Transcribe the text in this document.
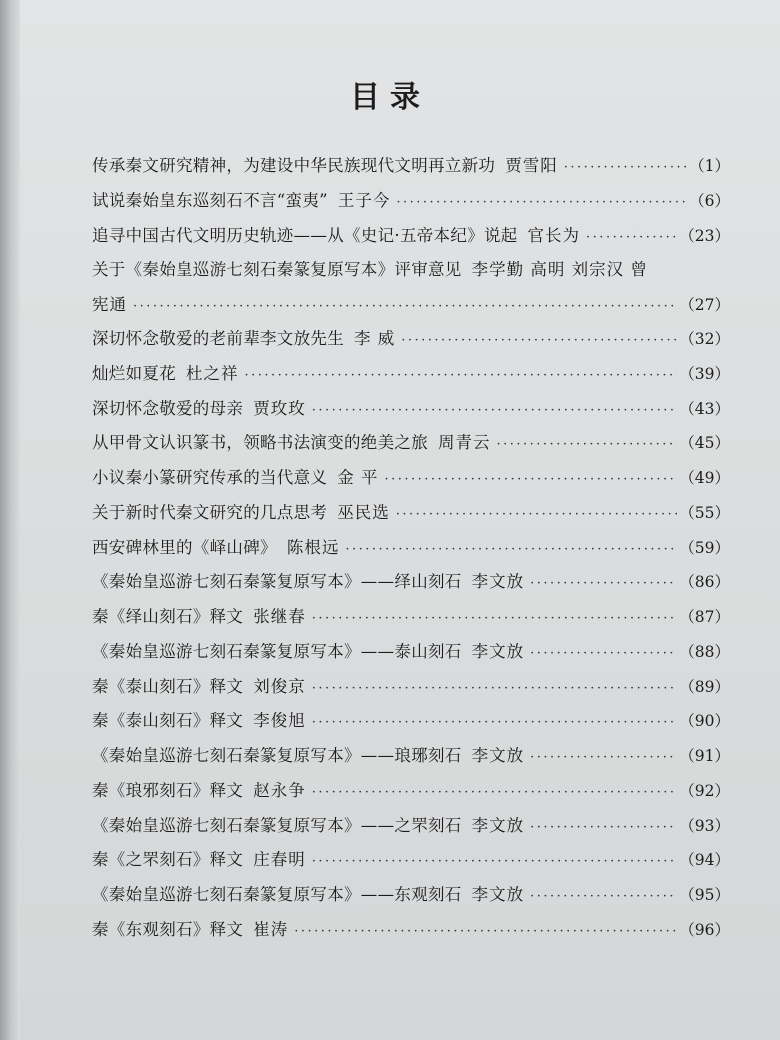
目录
传承秦文研究精神，为建设中华民族现代文明再立新功 贾雪阳 ·····	（1）
试说秦始皇东巡刻石不言“蛮夷” 王子今 ·····	（6）
追寻中国古代文明历史轨迹——从《史记·五帝本纪》说起 官长为 ·····	（23）
关于《秦始皇巡游七刻石秦篆复原写本》评审意见 李学勤 高明 刘宗汉 曾
宪通 ·····	（27）
深切怀念敬爱的老前辈李文放先生 李 威 ·····	（32）
灿烂如夏花 杜之祥 ·····	（39）
深切怀念敬爱的母亲 贾玫玫 ·····	（43）
从甲骨文认识篆书，领略书法演变的绝美之旅 周青云 ·····	（45）
小议秦小篆研究传承的当代意义 金 平 ·····	（49）
关于新时代秦文研究的几点思考 巫民选 ·····	（55）
西安碑林里的《峄山碑》 陈根远 ·····	（59）
《秦始皇巡游七刻石秦篆复原写本》——绎山刻石 李文放 ·····	（86）
秦《绎山刻石》释文 张继春 ·····	（87）
《秦始皇巡游七刻石秦篆复原写本》——泰山刻石 李文放 ·····	（88）
秦《泰山刻石》释文 刘俊京 ·····	（89）
秦《泰山刻石》释文 李俊旭 ·····	（90）
《秦始皇巡游七刻石秦篆复原写本》——琅琊刻石 李文放 ·····	（91）
秦《琅邪刻石》释文 赵永争 ·····	（92）
《秦始皇巡游七刻石秦篆复原写本》——之罘刻石 李文放 ·····	（93）
秦《之罘刻石》释文 庄春明 ·····	（94）
《秦始皇巡游七刻石秦篆复原写本》——东观刻石 李文放 ·····	（95）
秦《东观刻石》释文 崔涛 ·····	（96）
